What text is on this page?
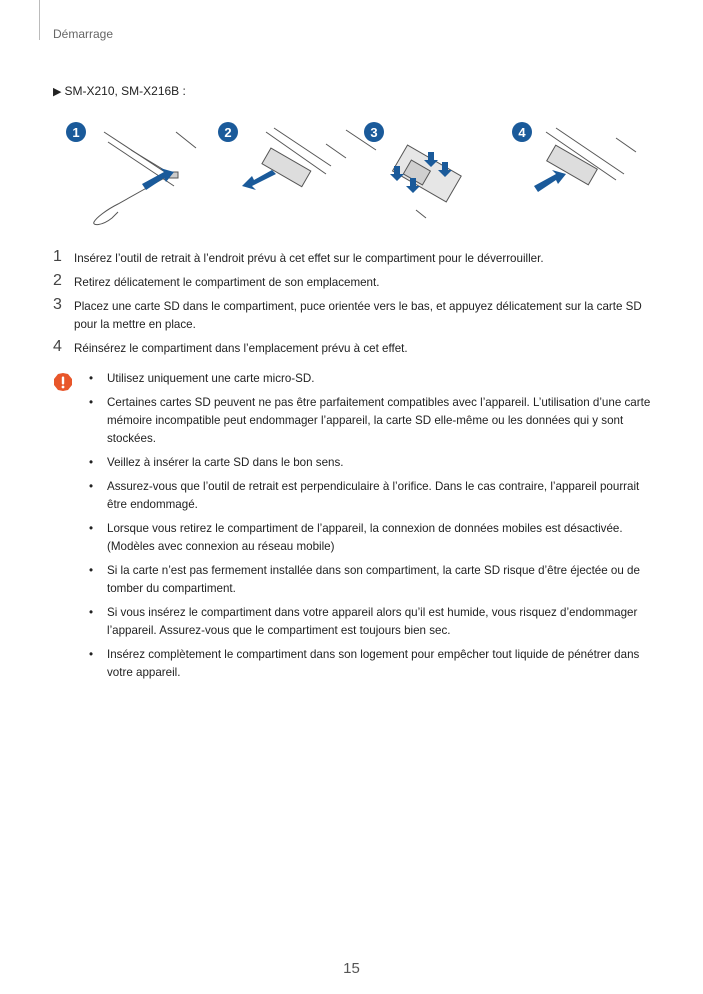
Démarrage
▶ SM-X210, SM-X216B :
1	2	3	4
1 Insérez l’outil de retrait à l’endroit prévu à cet effet sur le compartiment pour le déverrouiller.
2 Retirez délicatement le compartiment de son emplacement.
3 Placez une carte SD dans le compartiment, puce orientée vers le bas, et appuyez délicatement sur la carte SD pour la mettre en place.
4 Réinsérez le compartiment dans l’emplacement prévu à cet effet.
• Utilisez uniquement une carte micro-SD.
• Certaines cartes SD peuvent ne pas être parfaitement compatibles avec l’appareil. L’utilisation d’une carte mémoire incompatible peut endommager l’appareil, la carte SD elle-même ou les données qui y sont stockées.
• Veillez à insérer la carte SD dans le bon sens.
• Assurez-vous que l’outil de retrait est perpendiculaire à l’orifice. Dans le cas contraire, l’appareil pourrait être endommagé.
• Lorsque vous retirez le compartiment de l’appareil, la connexion de données mobiles est désactivée. (Modèles avec connexion au réseau mobile)
• Si la carte n’est pas fermement installée dans son compartiment, la carte SD risque d’être éjectée ou de tomber du compartiment.
• Si vous insérez le compartiment dans votre appareil alors qu’il est humide, vous risquez d’endommager l’appareil. Assurez-vous que le compartiment est toujours bien sec.
• Insérez complètement le compartiment dans son logement pour empêcher tout liquide de pénétrer dans votre appareil.
15
